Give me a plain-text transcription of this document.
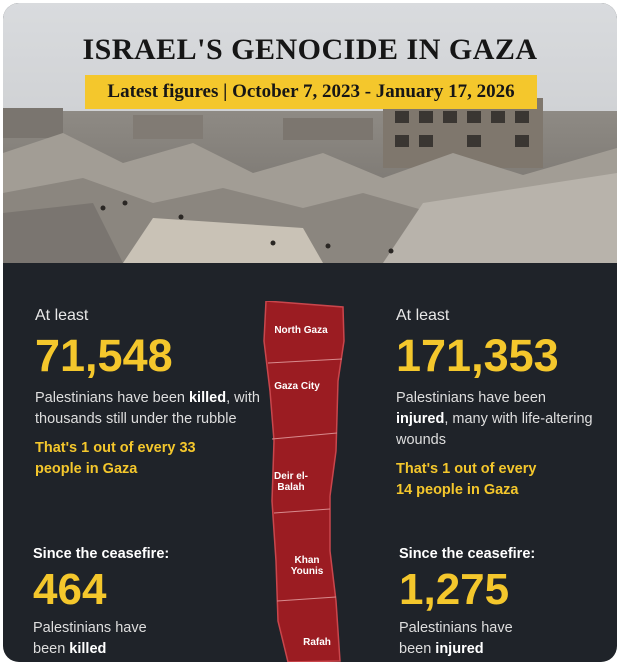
ISRAEL'S GENOCIDE IN GAZA
Latest figures | October 7, 2023 - January 17, 2026
At least
71,548
Palestinians have been killed, with thousands still under the rubble
That's 1 out of every 33 people in Gaza
At least
171,353
Palestinians have been injured, many with life-altering wounds
That's 1 out of every 14 people in Gaza
Since the ceasefire:
464
Palestinians have been killed
Since the ceasefire:
1,275
Palestinians have been injured
North Gaza
Gaza City
Deir el-Balah
Khan Younis
Rafah
